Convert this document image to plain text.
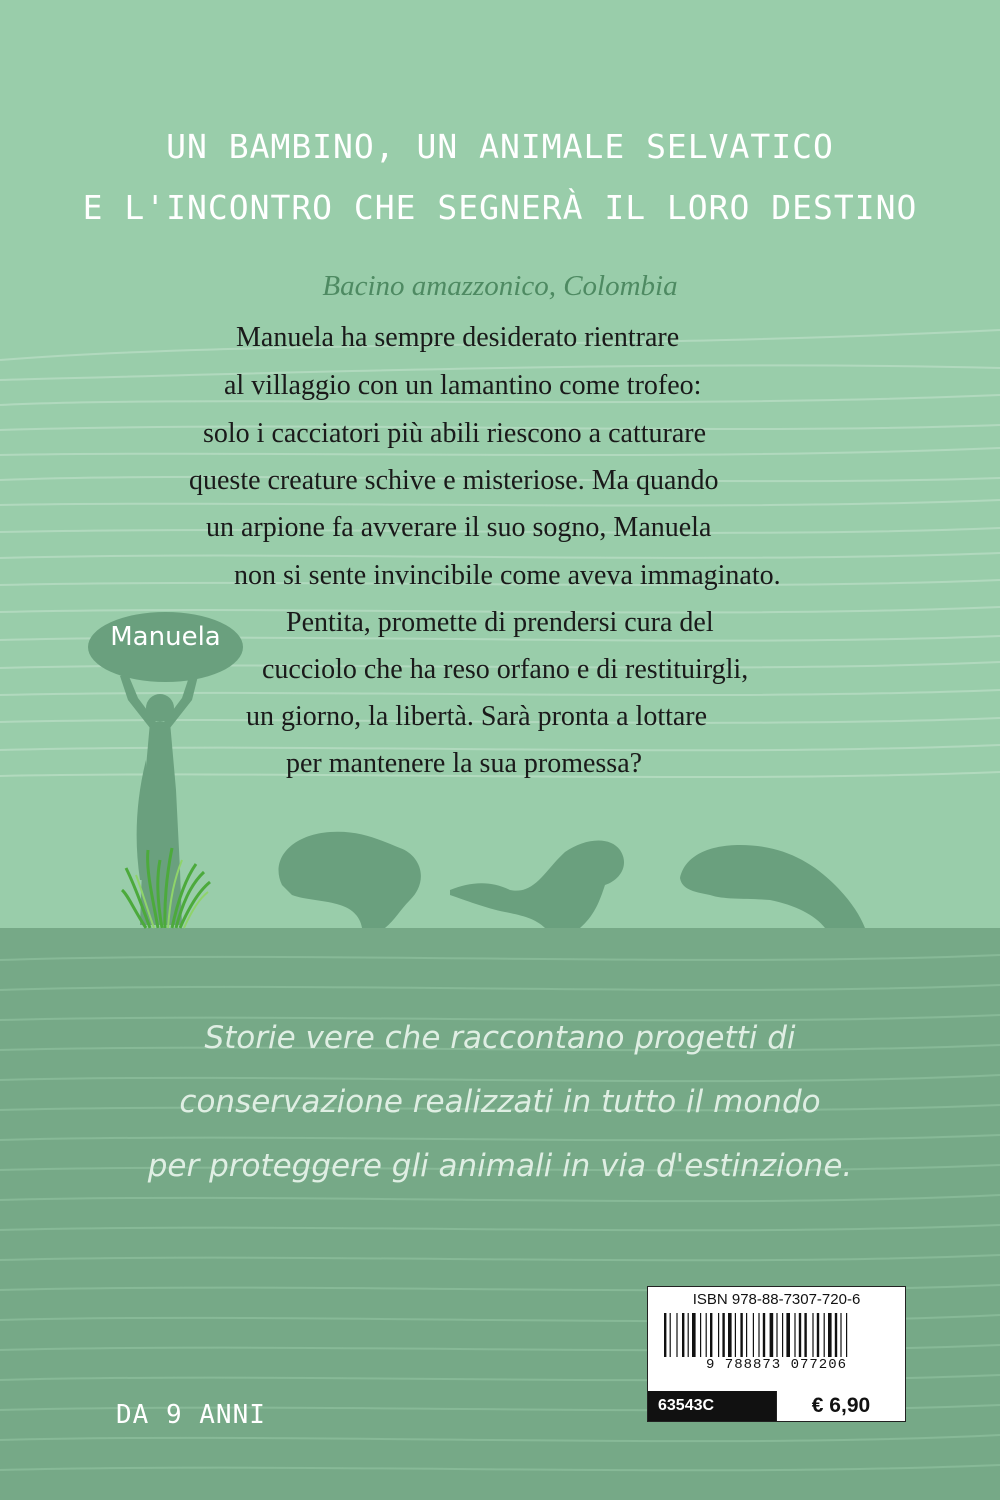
UN BAMBINO, UN ANIMALE SELVATICO
E L'INCONTRO CHE SEGNERÀ IL LORO DESTINO
Bacino amazzonico, Colombia
Manuela ha sempre desiderato rientrare
al villaggio con un lamantino come trofeo:
solo i cacciatori più abili riescono a catturare
queste creature schive e misteriose. Ma quando
un arpione fa avverare il suo sogno, Manuela
non si sente invincibile come aveva immaginato.
Pentita, promette di prendersi cura del
cucciolo che ha reso orfano e di restituirgli,
un giorno, la libertà. Sarà pronta a lottare
per mantenere la sua promessa?
Manuela
Storie vere che raccontano progetti di
conservazione realizzati in tutto il mondo
per proteggere gli animali in via d'estinzione.
DA 9 ANNI
ISBN 978-88-7307-720-6
9 788873 077206
63543C	€ 6,90
